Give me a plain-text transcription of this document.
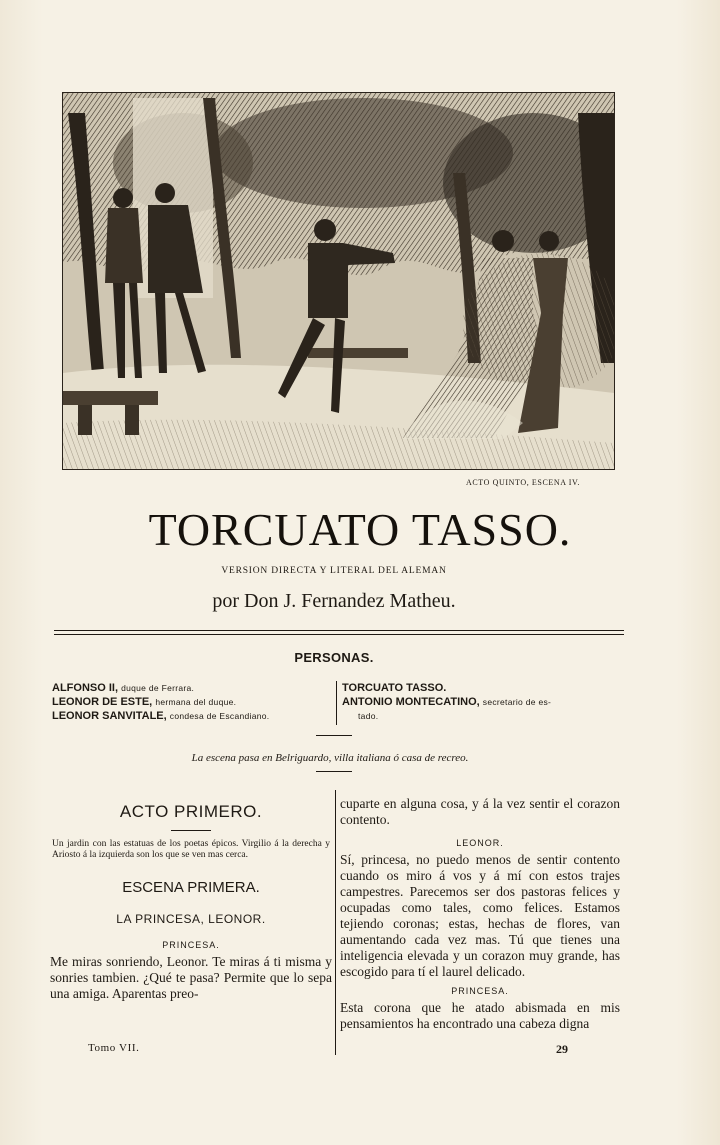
ACTO QUINTO, ESCENA IV.
TORCUATO TASSO.
VERSION DIRECTA Y LITERAL DEL ALEMAN
por Don J. Fernandez Matheu.
PERSONAS.
ALFONSO II, duque de Ferrara.
LEONOR DE ESTE, hermana del duque.
LEONOR SANVITALE, condesa de Escandiano.
TORCUATO TASSO.
ANTONIO MONTECATINO, secretario de es-
tado.
La escena pasa en Belriguardo, villa italiana ó casa de recreo.
ACTO PRIMERO.
Un jardin con las estatuas de los poetas épicos. Virgilio á la derecha y Ariosto á la izquierda son los que se ven mas cerca.
ESCENA PRIMERA.
LA PRINCESA, LEONOR.
PRINCESA.
Me miras sonriendo, Leonor. Te miras á ti misma y sonries tambien. ¿Qué te pasa? Permite que lo sepa una amiga. Aparentas preo-
cuparte en alguna cosa, y á la vez sentir el corazon contento.
LEONOR.
Sí, princesa, no puedo menos de sentir contento cuando os miro á vos y á mí con estos trajes campestres. Parecemos ser dos pastoras felices y ocupadas como tales, como felices. Estamos tejiendo coronas; estas, hechas de flores, van aumentando cada vez mas. Tú que tienes una inteligencia elevada y un corazon muy grande, has escogido para tí el laurel delicado.
PRINCESA.
Esta corona que he atado abismada en mis pensamientos ha encontrado una cabeza digna
Tomo VII.	29
